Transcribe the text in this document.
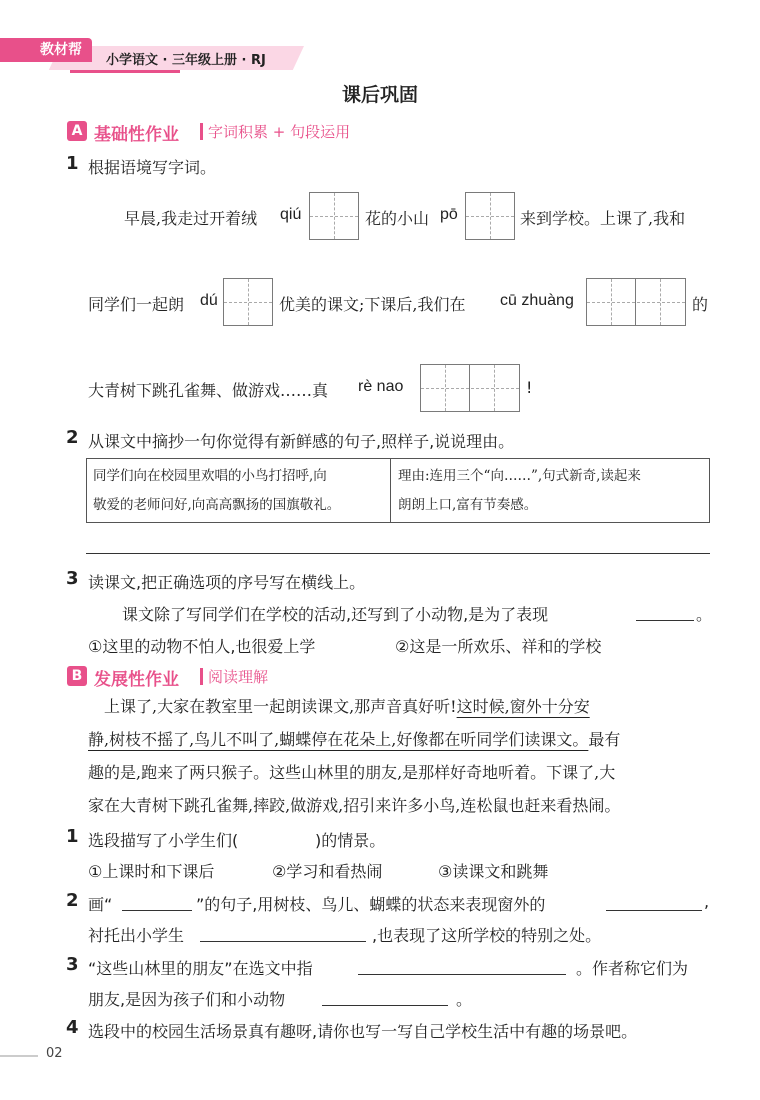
教材帮
小学语文 · 三年级上册 · RJ
课后巩固
A 基础性作业 字词积累 + 句段运用
1 根据语境写字词。
早晨,我走过开着绒 qiú	花的小山 pō	来到学校。上课了,我和
同学们一起朗 dú	优美的课文;下课后,我们在 cū zhuàng	的
大青树下跳孔雀舞、做游戏……真 rè nao	!
2 从课文中摘抄一句你觉得有新鲜感的句子,照样子,说说理由。
同学们向在校园里欢唱的小鸟打招呼,向
敬爱的老师问好,向高高飘扬的国旗敬礼。
理由:连用三个“向……”,句式新奇,读起来
朗朗上口,富有节奏感。
3 读课文,把正确选项的序号写在横线上。
课文除了写同学们在学校的活动,还写到了小动物,是为了表现	。
①这里的动物不怕人,也很爱上学	②这是一所欢乐、祥和的学校
B 发展性作业 阅读理解
上课了,大家在教室里一起朗读课文,那声音真好听!这时候,窗外十分安
静,树枝不摇了,鸟儿不叫了,蝴蝶停在花朵上,好像都在听同学们读课文。最有
趣的是,跑来了两只猴子。这些山林里的朋友,是那样好奇地听着。下课了,大
家在大青树下跳孔雀舞,摔跤,做游戏,招引来许多小鸟,连松鼠也赶来看热闹。
1 选段描写了小学生们(	)的情景。
①上课时和下课后	②学习和看热闹	③读课文和跳舞
2 画“	”的句子,用树枝、鸟儿、蝴蝶的状态来表现窗外的	,
衬托出小学生	,也表现了这所学校的特别之处。
3 “这些山林里的朋友”在选文中指	。作者称它们为
朋友,是因为孩子们和小动物	。
4 选段中的校园生活场景真有趣呀,请你也写一写自己学校生活中有趣的场景吧。
02
